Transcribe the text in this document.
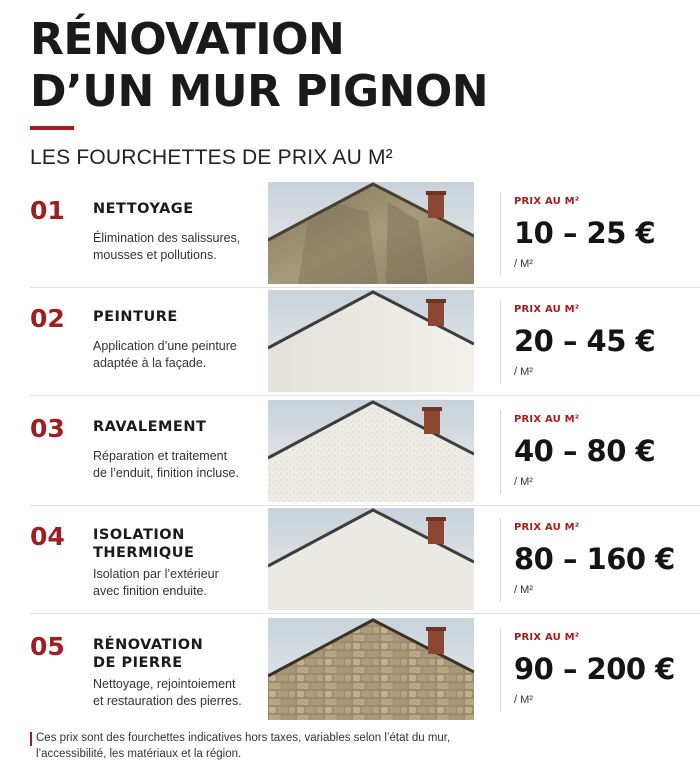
RÉNOVATION
D’UN MUR PIGNON
LES FOURCHETTES DE PRIX AU M²
01 NETTOYAGE
Élimination des salissures,
mousses et pollutions.
PRIX AU M²
10 – 25 €
/ M²
02 PEINTURE
Application d’une peinture
adaptée à la façade.
PRIX AU M²
20 – 45 €
/ M²
03 RAVALEMENT
Réparation et traitement
de l’enduit, finition incluse.
PRIX AU M²
40 – 80 €
/ M²
04 ISOLATION
THERMIQUE
Isolation par l’extérieur
avec finition enduite.
PRIX AU M²
80 – 160 €
/ M²
05 RÉNOVATION
DE PIERRE
Nettoyage, rejointoiement
et restauration des pierres.
PRIX AU M²
90 – 200 €
/ M²
Ces prix sont des fourchettes indicatives hors taxes, variables selon l’état du mur,
l’accessibilité, les matériaux et la région.
